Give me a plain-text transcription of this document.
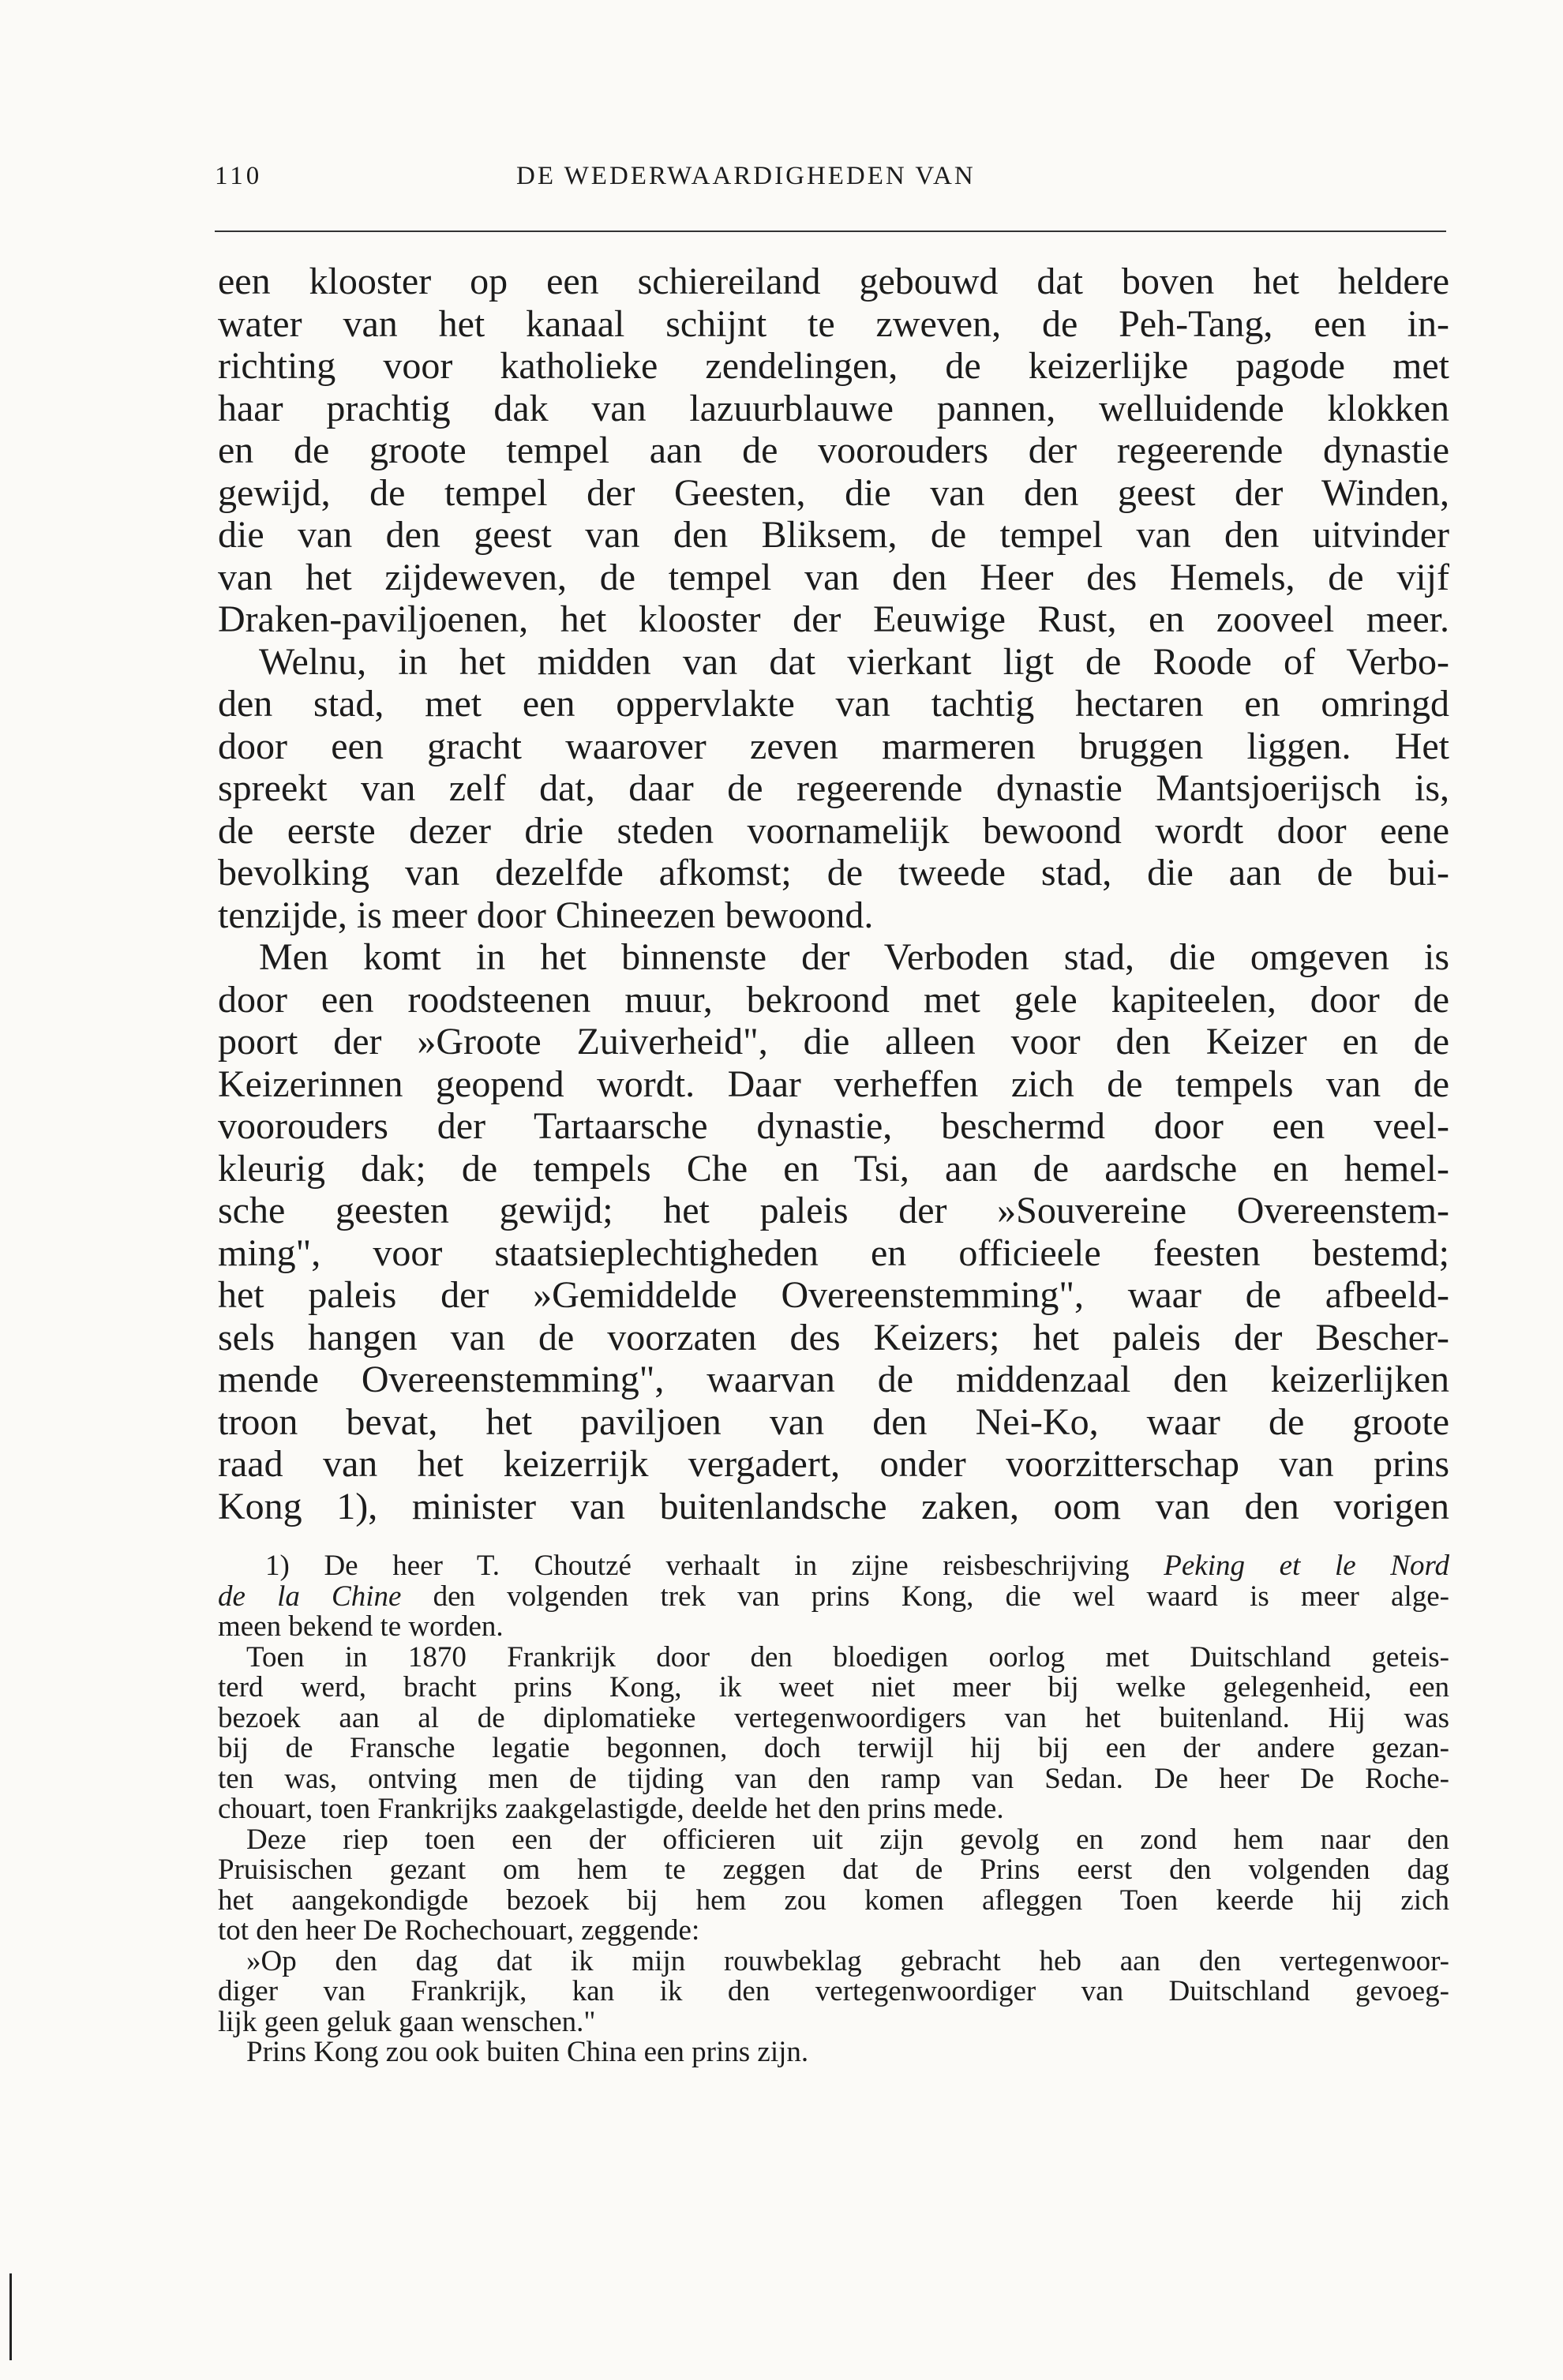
110	DE WEDERWAARDIGHEDEN VAN
een klooster op een schiereiland gebouwd dat boven het heldere
water van het kanaal schijnt te zweven, de Peh-Tang, een in-
richting voor katholieke zendelingen, de keizerlijke pagode met
haar prachtig dak van lazuurblauwe pannen, welluidende klokken
en de groote tempel aan de voorouders der regeerende dynastie
gewijd, de tempel der Geesten, die van den geest der Winden,
die van den geest van den Bliksem, de tempel van den uitvinder
van het zijdeweven, de tempel van den Heer des Hemels, de vijf
Draken-paviljoenen, het klooster der Eeuwige Rust, en zooveel meer.
Welnu, in het midden van dat vierkant ligt de Roode of Verbo-
den stad, met een oppervlakte van tachtig hectaren en omringd
door een gracht waarover zeven marmeren bruggen liggen. Het
spreekt van zelf dat, daar de regeerende dynastie Mantsjoerijsch is,
de eerste dezer drie steden voornamelijk bewoond wordt door eene
bevolking van dezelfde afkomst; de tweede stad, die aan de bui-
tenzijde, is meer door Chineezen bewoond.
Men komt in het binnenste der Verboden stad, die omgeven is
door een roodsteenen muur, bekroond met gele kapiteelen, door de
poort der »Groote Zuiverheid", die alleen voor den Keizer en de
Keizerinnen geopend wordt. Daar verheffen zich de tempels van de
voorouders der Tartaarsche dynastie, beschermd door een veel-
kleurig dak; de tempels Che en Tsi, aan de aardsche en hemel-
sche geesten gewijd; het paleis der »Souvereine Overeenstem-
ming", voor staatsieplechtigheden en officieele feesten bestemd;
het paleis der »Gemiddelde Overeenstemming", waar de afbeeld-
sels hangen van de voorzaten des Keizers; het paleis der Bescher-
mende Overeenstemming", waarvan de middenzaal den keizerlijken
troon bevat, het paviljoen van den Nei-Ko, waar de groote
raad van het keizerrijk vergadert, onder voorzitterschap van prins
Kong 1), minister van buitenlandsche zaken, oom van den vorigen
1) De heer T. Choutzé verhaalt in zijne reisbeschrijving Peking et le Nord
de la Chine den volgenden trek van prins Kong, die wel waard is meer alge-
meen bekend te worden.
Toen in 1870 Frankrijk door den bloedigen oorlog met Duitschland geteis-
terd werd, bracht prins Kong, ik weet niet meer bij welke gelegenheid, een
bezoek aan al de diplomatieke vertegenwoordigers van het buitenland. Hij was
bij de Fransche legatie begonnen, doch terwijl hij bij een der andere gezan-
ten was, ontving men de tijding van den ramp van Sedan. De heer De Roche-
chouart, toen Frankrijks zaakgelastigde, deelde het den prins mede.
Deze riep toen een der officieren uit zijn gevolg en zond hem naar den
Pruisischen gezant om hem te zeggen dat de Prins eerst den volgenden dag
het aangekondigde bezoek bij hem zou komen afleggen Toen keerde hij zich
tot den heer De Rochechouart, zeggende:
»Op den dag dat ik mijn rouwbeklag gebracht heb aan den vertegenwoor-
diger van Frankrijk, kan ik den vertegenwoordiger van Duitschland gevoeg-
lijk geen geluk gaan wenschen."
Prins Kong zou ook buiten China een prins zijn.
